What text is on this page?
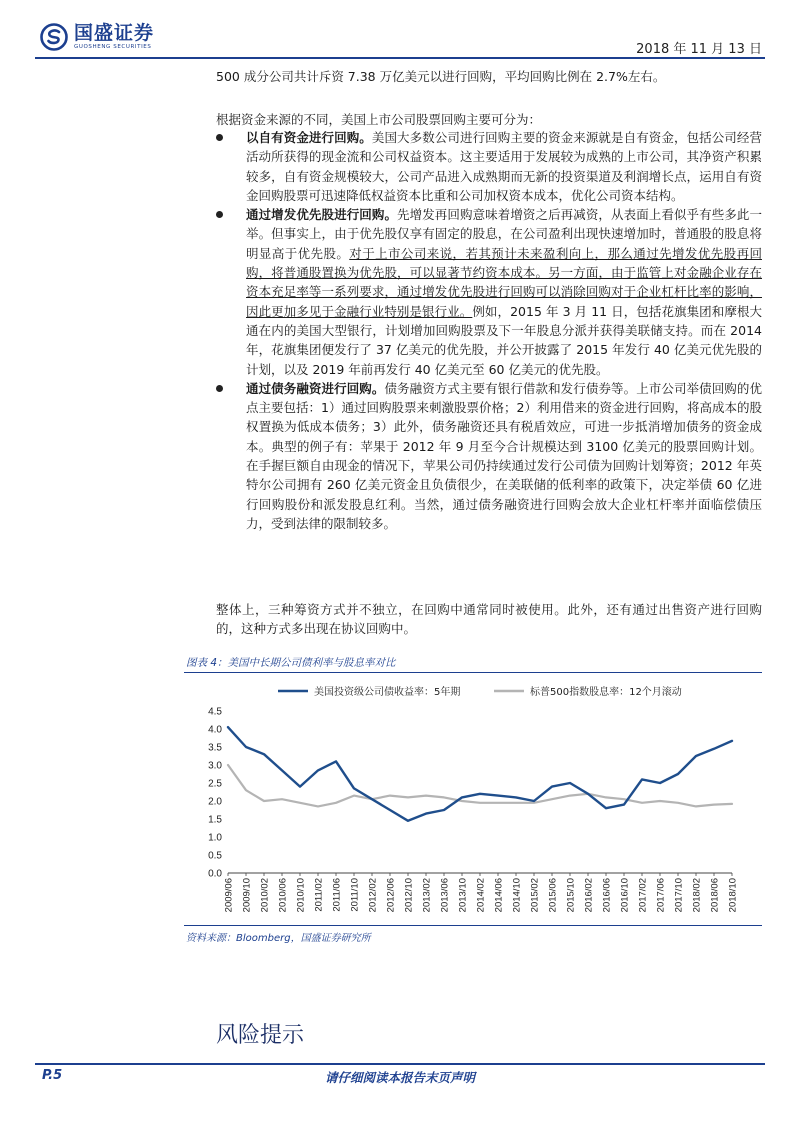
国盛证券
GUOSHENG SECURITIES	2018 年 11 月 13 日
500 成分公司共计斥资 7.38 万亿美元以进行回购，平均回购比例在 2.7%左右。
根据资金来源的不同，美国上市公司股票回购主要可分为：
以自有资金进行回购。美国大多数公司进行回购主要的资金来源就是自有资金，包括公司经营活动所获得的现金流和公司权益资本。这主要适用于发展较为成熟的上市公司，其净资产积累较多，自有资金规模较大，公司产品进入成熟期而无新的投资渠道及利润增长点，运用自有资金回购股票可迅速降低权益资本比重和公司加权资本成本，优化公司资本结构。
通过增发优先股进行回购。先增发再回购意味着增资之后再减资，从表面上看似乎有些多此一举。但事实上，由于优先股仅享有固定的股息，在公司盈利出现快速增加时，普通股的股息将明显高于优先股。对于上市公司来说，若其预计未来盈利向上，那么通过先增发优先股再回购，将普通股置换为优先股，可以显著节约资本成本。另一方面，由于监管上对金融企业存在资本充足率等一系列要求，通过增发优先股进行回购可以消除回购对于企业杠杆比率的影响，因此更加多见于金融行业特别是银行业。例如，2015 年 3 月 11 日，包括花旗集团和摩根大通在内的美国大型银行，计划增加回购股票及下一年股息分派并获得美联储支持。而在 2014 年，花旗集团便发行了 37 亿美元的优先股，并公开披露了 2015 年发行 40 亿美元优先股的计划，以及 2019 年前再发行 40 亿美元至 60 亿美元的优先股。
通过债务融资进行回购。债务融资方式主要有银行借款和发行债券等。上市公司举债回购的优点主要包括：1）通过回购股票来刺激股票价格；2）利用借来的资金进行回购，将高成本的股权置换为低成本债务；3）此外，债务融资还具有税盾效应，可进一步抵消增加债务的资金成本。典型的例子有：苹果于 2012 年 9 月至今合计规模达到 3100 亿美元的股票回购计划。在手握巨额自由现金的情况下，苹果公司仍持续通过发行公司债为回购计划筹资；2012 年英特尔公司拥有 260 亿美元资金且负债很少，在美联储的低利率的政策下，决定举债 60 亿进行回购股份和派发股息红利。当然，通过债务融资进行回购会放大企业杠杆率并面临偿债压力，受到法律的限制较多。
整体上，三种筹资方式并不独立，在回购中通常同时被使用。此外，还有通过出售资产进行回购的，这种方式多出现在协议回购中。
图表 4：美国中长期公司债利率与股息率对比
0.0
0.5
1.0
1.5
2.0
2.5
3.0
3.5
4.0
4.5
2009/06 2009/10 2010/02 2010/06 2010/10 2011/02 2011/06 2011/10 2012/02 2012/06 2012/10 2013/02 2013/06 2013/10 2014/02 2014/06 2014/10 2015/02 2015/06 2015/10 2016/02 2016/06 2016/10 2017/02 2017/06 2017/10 2018/02 2018/06 2018/10
美国投资级公司债收益率：5年期	标普500指数股息率：12个月滚动
资料来源：Bloomberg，国盛证券研究所
风险提示
请仔细阅读本报告末页声明
P.5
